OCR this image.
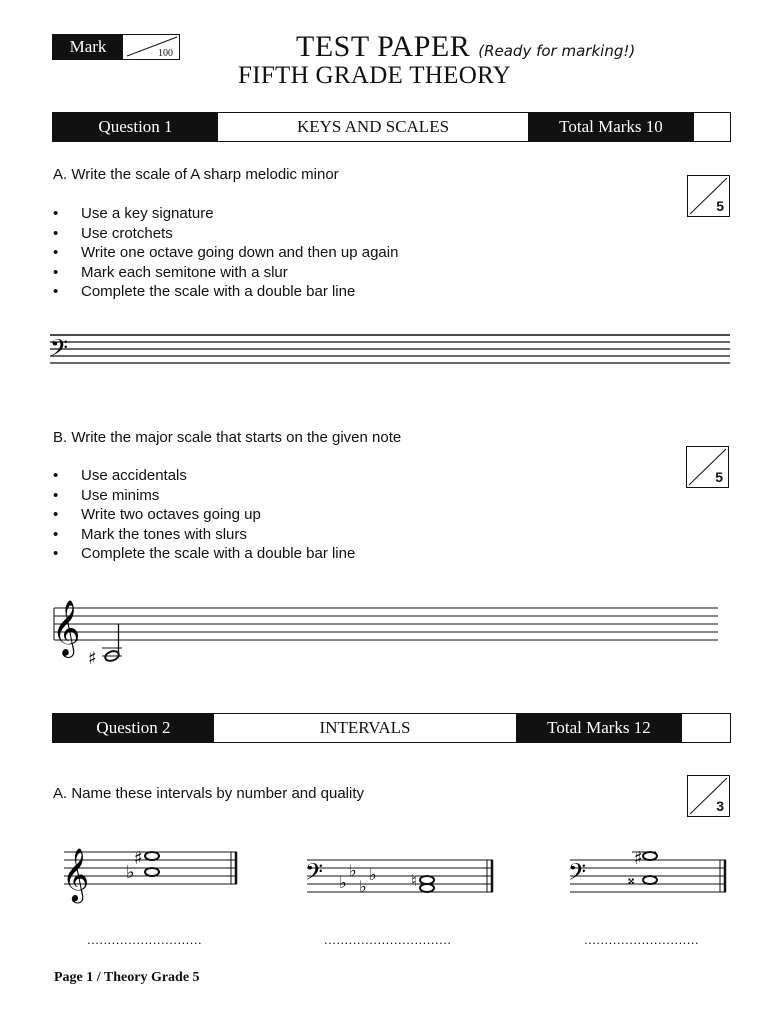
Mark	100	TEST PAPER (Ready for marking!)
FIFTH GRADE THEORY
Question 1	KEYS AND SCALES	Total Marks 10
A. Write the scale of A sharp melodic minor
5
• Use a key signature
• Use crotchets
• Write one octave going down and then up again
• Mark each semitone with a slur
• Complete the scale with a double bar line
𝄢
B. Write the major scale that starts on the given note
5
• Use accidentals
• Use minims
• Write two octaves going up
• Mark the tones with slurs
• Complete the scale with a double bar line
𝄞
♯
Question 2	INTERVALS	Total Marks 12
A. Name these intervals by number and quality
3
𝄞 ♭
♯	𝄢 ♭
♭
♭
♭ ♮	𝄢	♯
𝄪
............................	...............................	............................
Page 1 / Theory Grade 5
